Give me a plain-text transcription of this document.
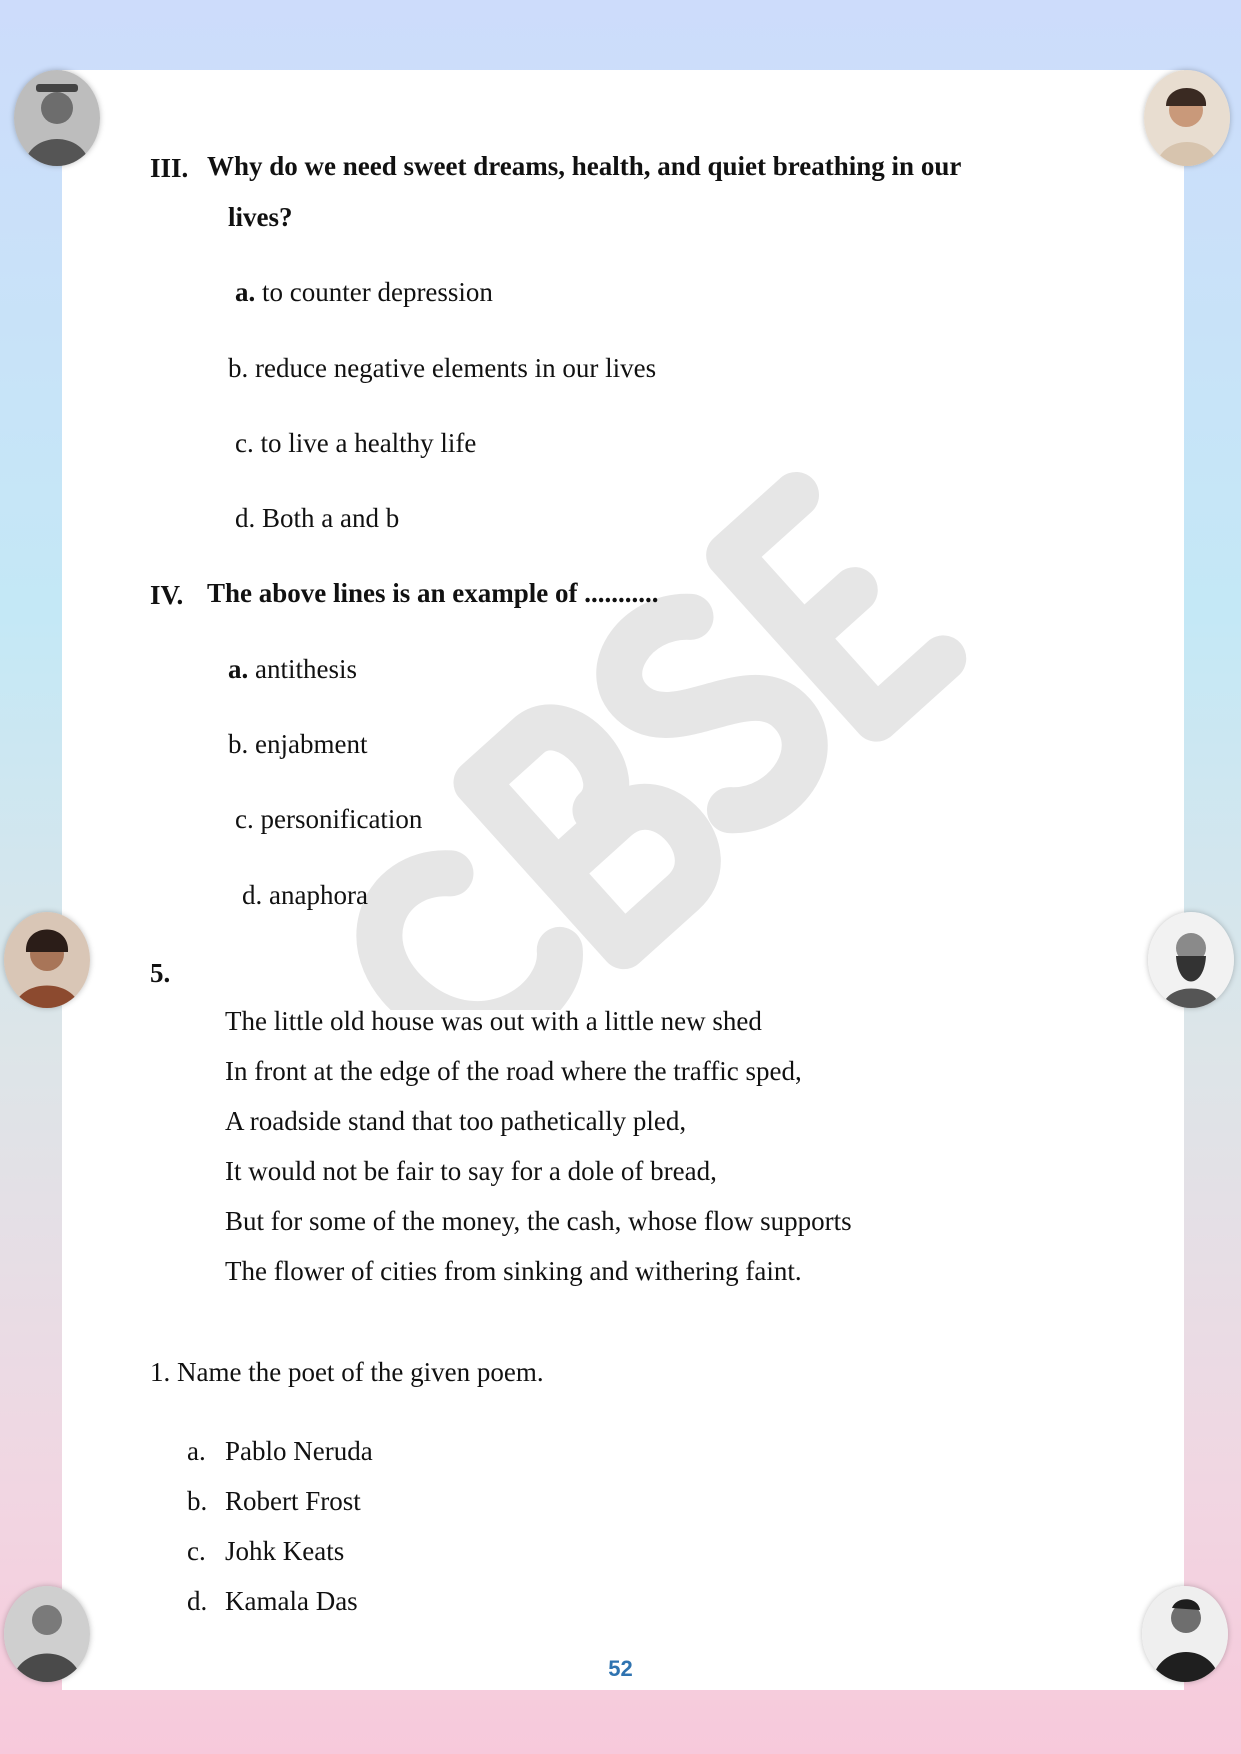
III. Why do we need sweet dreams, health, and quiet breathing in our
lives?
a. to counter depression
b. reduce negative elements in our lives
c. to live a healthy life
d. Both a and b
IV. The above lines is an example of ...........
a. antithesis
b. enjabment
c. personification
d. anaphora
5.
The little old house was out with a little new shed
In front at the edge of the road where the traffic sped,
A roadside stand that too pathetically pled,
It would not be fair to say for a dole of bread,
But for some of the money, the cash, whose flow supports
The flower of cities from sinking and withering faint.
1. Name the poet of the given poem.
a. Pablo Neruda
b. Robert Frost
c. Johk Keats
d. Kamala Das
52
